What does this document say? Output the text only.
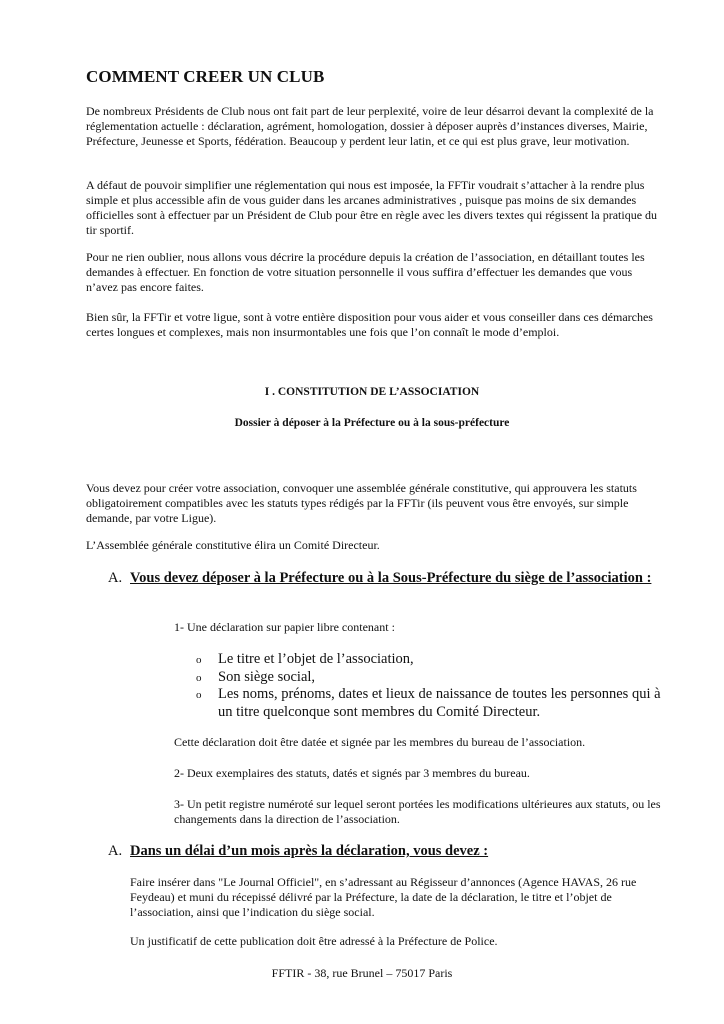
COMMENT CREER UN CLUB

De nombreux Présidents de Club nous ont fait part de leur perplexité, voire de leur désarroi devant la complexité de la réglementation actuelle : déclaration, agrément, homologation, dossier à déposer auprès d’instances diverses, Mairie, Préfecture, Jeunesse et Sports, fédération. Beaucoup y perdent leur latin, et ce qui est plus grave, leur motivation.

A défaut de pouvoir simplifier une réglementation qui nous est imposée, la FFTir voudrait s’attacher à la rendre plus simple et plus accessible afin de vous guider dans les arcanes administratives , puisque pas moins de six demandes officielles sont à effectuer par un Président de Club pour être en règle avec les divers textes qui régissent la pratique du tir sportif.

Pour ne rien oublier, nous allons vous décrire la procédure depuis la création de l’association, en détaillant toutes les demandes à effectuer. En fonction de votre situation personnelle il vous suffira d’effectuer les demandes que vous n’avez pas encore faites.

Bien sûr, la FFTir et votre ligue, sont à votre entière disposition pour vous aider et vous conseiller dans ces démarches certes longues et complexes, mais non insurmontables une fois que l’on connaît le mode d’emploi.

I . CONSTITUTION DE L’ASSOCIATION

Dossier à déposer à la Préfecture ou à la sous-préfecture

Vous devez pour créer votre association, convoquer une assemblée générale constitutive, qui approuvera les statuts obligatoirement compatibles avec les statuts types rédigés par la FFTir (ils peuvent vous être envoyés, sur simple demande, par votre Ligue).

L’Assemblée générale constitutive élira un Comité Directeur.

A. Vous devez déposer à la Préfecture ou à la Sous-Préfecture du siège de l’association :

1- Une déclaration sur papier libre contenant :

o Le titre et l’objet de l’association,
o Son siège social,
o Les noms, prénoms, dates et lieux de naissance de toutes les personnes qui à un titre quelconque sont membres du Comité Directeur.

Cette déclaration doit être datée et signée par les membres du bureau de l’association.

2- Deux exemplaires des statuts, datés et signés par 3 membres du bureau.

3- Un petit registre numéroté sur lequel seront portées les modifications ultérieures aux statuts, ou les changements dans la direction de l’association.

A. Dans un délai d’un mois après la déclaration, vous devez :

Faire insérer dans "Le Journal Officiel", en s’adressant au Régisseur d’annonces (Agence HAVAS, 26 rue Feydeau) et muni du récepissé délivré par la Préfecture, la date de la déclaration, le titre et l’objet de l’association, ainsi que l’indication du siège social.

Un justificatif de cette publication doit être adressé à la Préfecture de Police.

FFTIR - 38, rue Brunel – 75017 Paris
